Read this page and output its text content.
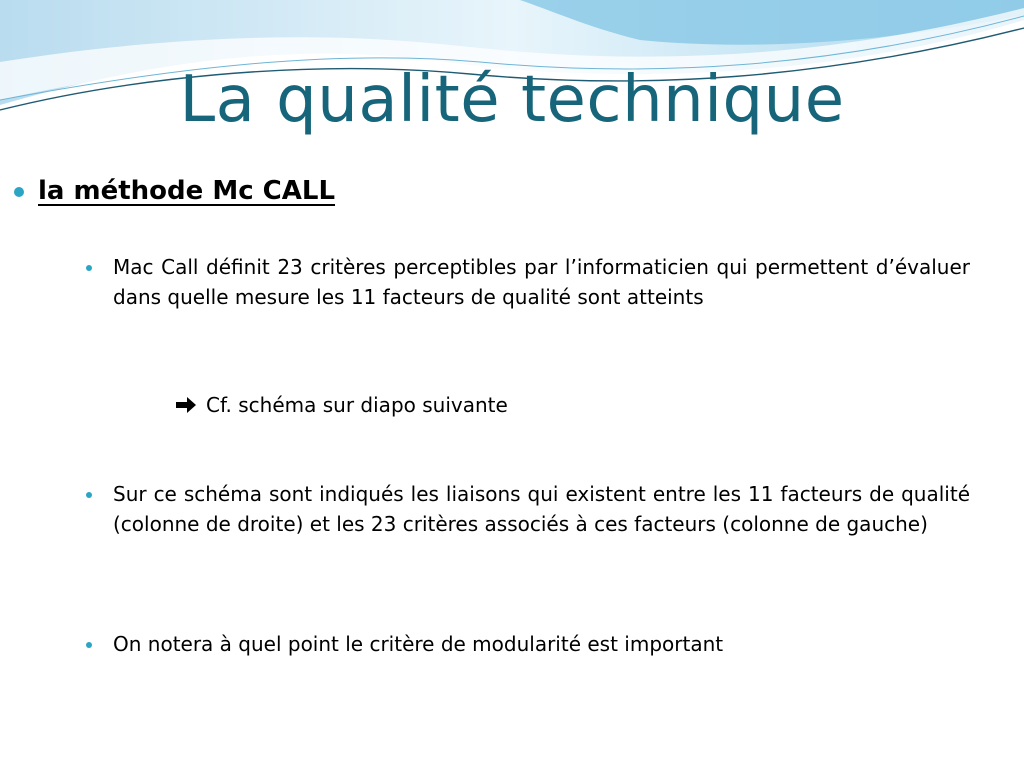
La qualité technique
la méthode Mc CALL
Mac Call définit 23 critères perceptibles par l’informaticien qui permettent d’évaluer dans quelle mesure les 11 facteurs de qualité sont atteints
Cf. schéma sur diapo suivante
Sur ce schéma sont indiqués les liaisons qui existent entre les 11 facteurs de qualité (colonne de droite) et les 23 critères associés à ces facteurs (colonne de gauche)
On notera à quel point le critère de modularité est important
